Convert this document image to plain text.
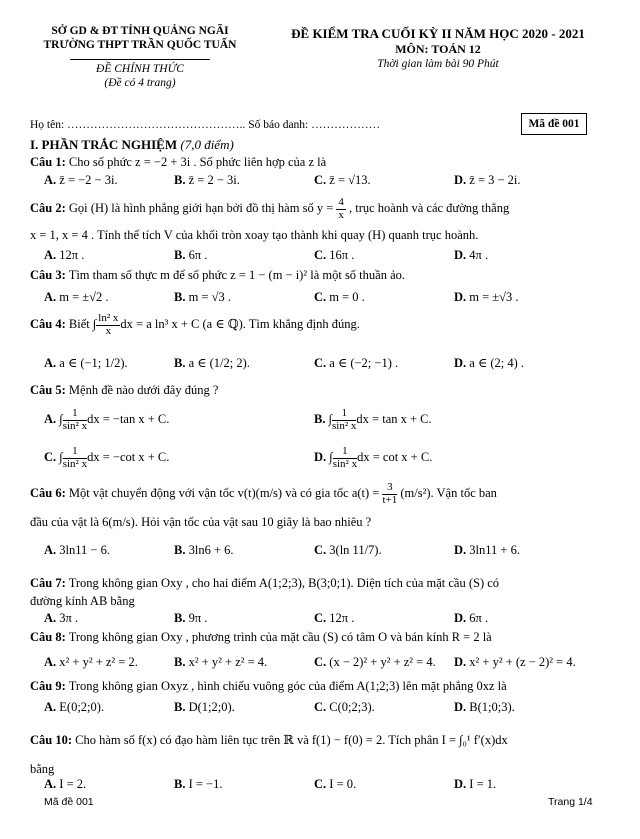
SỞ GD & ĐT TỈNH QUẢNG NGÃI
TRƯỜNG THPT TRẦN QUỐC TUẤN
ĐỀ CHÍNH THỨC
(Đề có 4 trang)
ĐỀ KIỂM TRA CUỐI KỲ II NĂM HỌC 2020 - 2021
MÔN: TOÁN 12
Thời gian làm bài 90 Phút
Họ tên: ……………………………………….. Số báo danh: ………………	Mã đề 001
I. PHẦN TRẮC NGHIỆM (7,0 điểm)
Câu 1: Cho số phức z = −2 + 3i . Số phức liên hợp của z là
A. z̄ = −2 − 3i.	B. z̄ = 2 − 3i.	C. z̄ = √13.	D. z̄ = 3 − 2i.
Câu 2: Gọi (H) là hình phẳng giới hạn bởi đồ thị hàm số $y = \frac{4}{x}$ , trục hoành và các đường thẳng
x = 1, x = 4 . Tính thể tích V của khối tròn xoay tạo thành khi quay (H) quanh trục hoành.
A. 12π .	B. 6π .	C. 16π .	D. 4π .
Câu 3: Tìm tham số thực m để số phức z = 1 − (m − i)² là một số thuần ảo.
A. m = ±√2 .	B. m = √3 .	C. m = 0 .	D. m = ±√3 .
Câu 4: Biết ∫ $\frac{\text{ln² x}}{x}$ dx = a ln³ x + C (a ∈ ℚ). Tìm khẳng định đúng.
A. a ∈ (−1; 1/2).	B. a ∈ (1/2; 2).	C. a ∈ (−2; −1) .	D. a ∈ (2; 4) .
Câu 5: Mệnh đề nào dưới đây đúng ?
A. ∫ $\frac{1}{\text{sin² x}}$ dx = −tan x + C.	B. ∫ $\frac{1}{\text{sin² x}}$ dx = tan x + C.
C. ∫ $\frac{1}{\text{sin² x}}$ dx = −cot x + C.	D. ∫ $\frac{1}{\text{sin² x}}$ dx = cot x + C.
Câu 6: Một vật chuyển động với vận tốc v(t)(m/s) và có gia tốc $a(t) = \frac{3}{t+1} (m/s^2)$. Vận tốc ban
đầu của vật là 6(m/s). Hỏi vận tốc của vật sau 10 giây là bao nhiêu ?
A. 3ln11 − 6.	B. 3ln6 + 6.	C. 3(ln 11/7).	D. 3ln11 + 6.
Câu 7: Trong không gian Oxy , cho hai điểm A(1;2;3), B(3;0;1). Diện tích của mặt cầu (S) có
đường kính AB bằng
A. 3π .	B. 9π .	C. 12π .	D. 6π .
Câu 8: Trong không gian Oxy , phương trình của mặt cầu (S) có tâm O và bán kính R = 2 là
A. x² + y² + z² = 2.	B. x² + y² + z² = 4.	C. (x − 2)² + y² + z² = 4. D. x² + y² + (z − 2)² = 4.
Câu 9: Trong không gian Oxyz , hình chiếu vuông góc của điểm A(1;2;3) lên mặt phẳng 0xz là
A. E(0;2;0).	B. D(1;2;0).	C. C(0;2;3).	D. B(1;0;3).
Câu 10: Cho hàm số f(x) có đạo hàm liên tục trên ℝ và f(1) − f(0) = 2. Tích phân I = ∫₀¹ f′(x)dx
bằng
A. I = 2.	B. I = −1.	C. I = 0.	D. I = 1.
Mã đề 001	Trang 1/4
